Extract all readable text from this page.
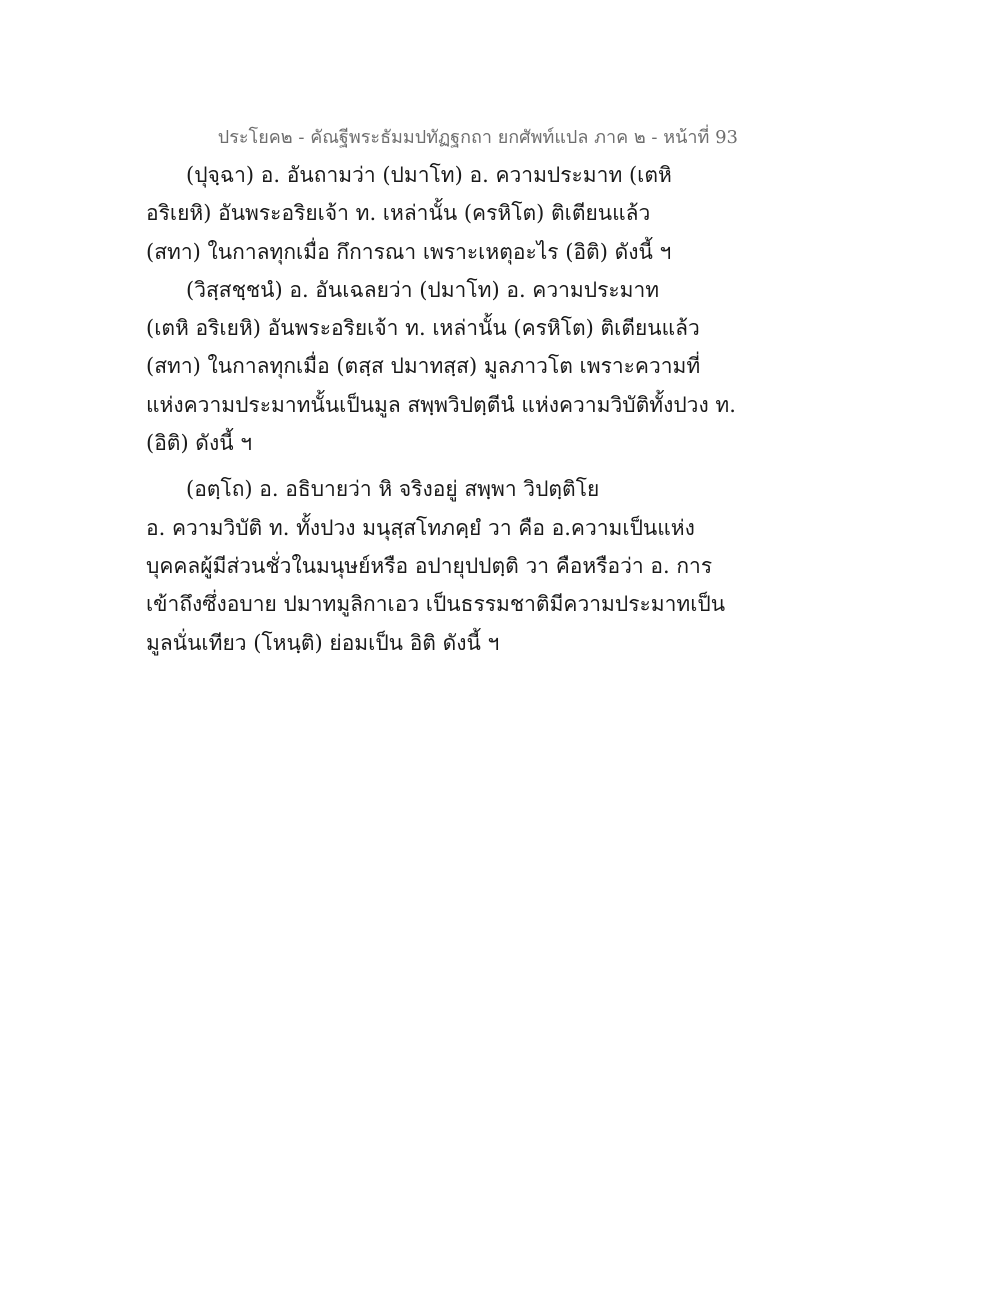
ประโยค๒ - คัณฐีพระธัมมปทัฏฐกถา ยกศัพท์แปล ภาค ๒ - หน้าที่ 93
(ปุจฺฉา) อ. อันถามว่า (ปมาโท) อ. ความประมาท (เตหิ
อริเยหิ) อันพระอริยเจ้า ท. เหล่านั้น (ครหิโต) ติเตียนแล้ว
(สทา) ในกาลทุกเมื่อ กึการณา เพราะเหตุอะไร (อิติ) ดังนี้ ฯ
(วิสฺสชฺชนํ) อ. อันเฉลยว่า (ปมาโท) อ. ความประมาท
(เตหิ อริเยหิ) อันพระอริยเจ้า ท. เหล่านั้น (ครหิโต) ติเตียนแล้ว
(สทา) ในกาลทุกเมื่อ (ตสฺส ปมาทสฺส) มูลภาวโต เพราะความที่
แห่งความประมาทนั้นเป็นมูล สพฺพวิปตฺตีนํ แห่งความวิบัติทั้งปวง ท.
(อิติ) ดังนี้ ฯ
(อตฺโถ) อ. อธิบายว่า หิ จริงอยู่ สพฺพา วิปตฺติโย
อ. ความวิบัติ ท. ทั้งปวง มนุสฺสโทภคฺยํ วา คือ อ.ความเป็นแห่ง
บุคคลผู้มีส่วนชั่วในมนุษย์หรือ อปายุปปตฺติ วา คือหรือว่า อ. การ
เข้าถึงซึ่งอบาย ปมาทมูลิกาเอว เป็นธรรมชาติมีความประมาทเป็น
มูลนั่นเทียว (โหนฺติ) ย่อมเป็น อิติ ดังนี้ ฯ
